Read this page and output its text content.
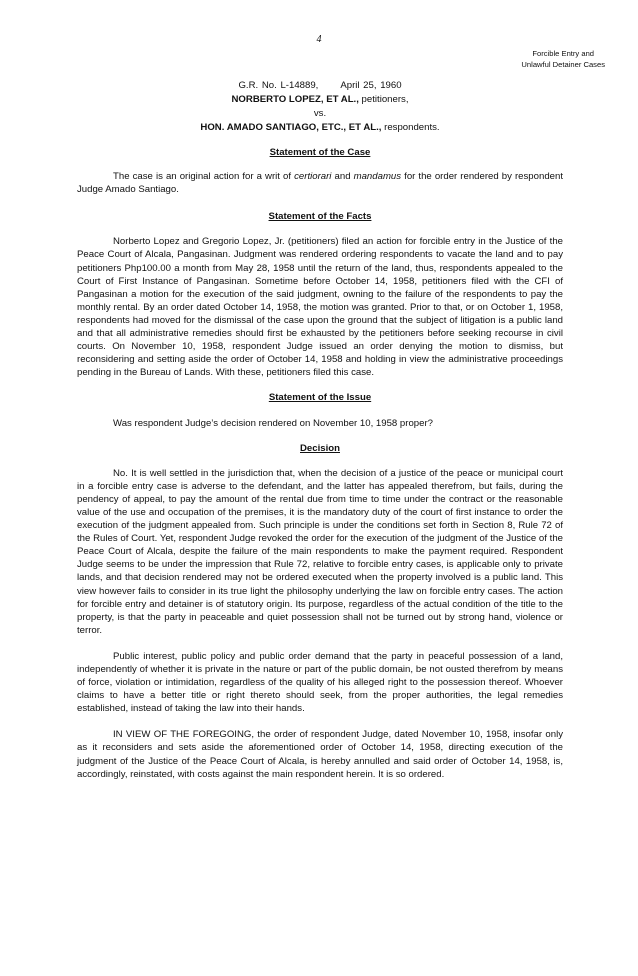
4
Forcible Entry and
Unlawful Detainer Cases
G.R. No. L-14889, April 25, 1960
NORBERTO LOPEZ, ET AL., petitioners,
vs.
HON. AMADO SANTIAGO, ETC., ET AL., respondents.
Statement of the Case

The case is an original action for a writ of certiorari and mandamus for the order rendered by respondent Judge Amado Santiago.

Statement of the Facts

Norberto Lopez and Gregorio Lopez, Jr. (petitioners) filed an action for forcible entry in the Justice of the Peace Court of Alcala, Pangasinan. Judgment was rendered ordering respondents to vacate the land and to pay petitioners Php100.00 a month from May 28, 1958 until the return of the land, thus, respondents appealed to the Court of First Instance of Pangasinan. Sometime before October 14, 1958, petitioners filed with the CFI of Pangasinan a motion for the execution of the said judgment, owning to the failure of the respondents to pay the monthly rental. By an order dated October 14, 1958, the motion was granted. Prior to that, or on October 1, 1958, respondents had moved for the dismissal of the case upon the ground that the subject of litigation is a public land and that all administrative remedies should first be exhausted by the petitioners before seeking recourse in civil courts. On November 10, 1958, respondent Judge issued an order denying the motion to dismiss, but reconsidering and setting aside the order of October 14, 1958 and holding in view the administrative proceedings pending in the Bureau of Lands. With these, petitioners filed this case.

Statement of the Issue

Was respondent Judge’s decision rendered on November 10, 1958 proper?

Decision

No. It is well settled in the jurisdiction that, when the decision of a justice of the peace or municipal court in a forcible entry case is adverse to the defendant, and the latter has appealed therefrom, but fails, during the pendency of appeal, to pay the amount of the rental due from time to time under the contract or the reasonable value of the use and occupation of the premises, it is the mandatory duty of the court of first instance to order the execution of the judgment appealed from. Such principle is under the conditions set forth in Section 8, Rule 72 of the Rules of Court. Yet, respondent Judge revoked the order for the execution of the judgment of the Justice of the Peace Court of Alcala, despite the failure of the main respondents to make the payment required. Respondent Judge seems to be under the impression that Rule 72, relative to forcible entry cases, is applicable only to private lands, and that decision rendered may not be ordered executed when the property involved is a public land. This view however fails to consider in its true light the philosophy underlying the law on forcible entry cases. The action for forcible entry and detainer is of statutory origin. Its purpose, regardless of the actual condition of the title to the property, is that the party in peaceable and quiet possession shall not be turned out by strong hand, violence or terror.

Public interest, public policy and public order demand that the party in peaceful possession of a land, independently of whether it is private in the nature or part of the public domain, be not ousted therefrom by means of force, violation or intimidation, regardless of the quality of his alleged right to the possession thereof. Whoever claims to have a better title or right thereto should seek, from the proper authorities, the legal remedies established, instead of taking the law into their hands.

IN VIEW OF THE FOREGOING, the order of respondent Judge, dated November 10, 1958, insofar only as it reconsiders and sets aside the aforementioned order of October 14, 1958, directing execution of the judgment of the Justice of the Peace Court of Alcala, is hereby annulled and said order of October 14, 1958, is, accordingly, reinstated, with costs against the main respondent herein. It is so ordered.
